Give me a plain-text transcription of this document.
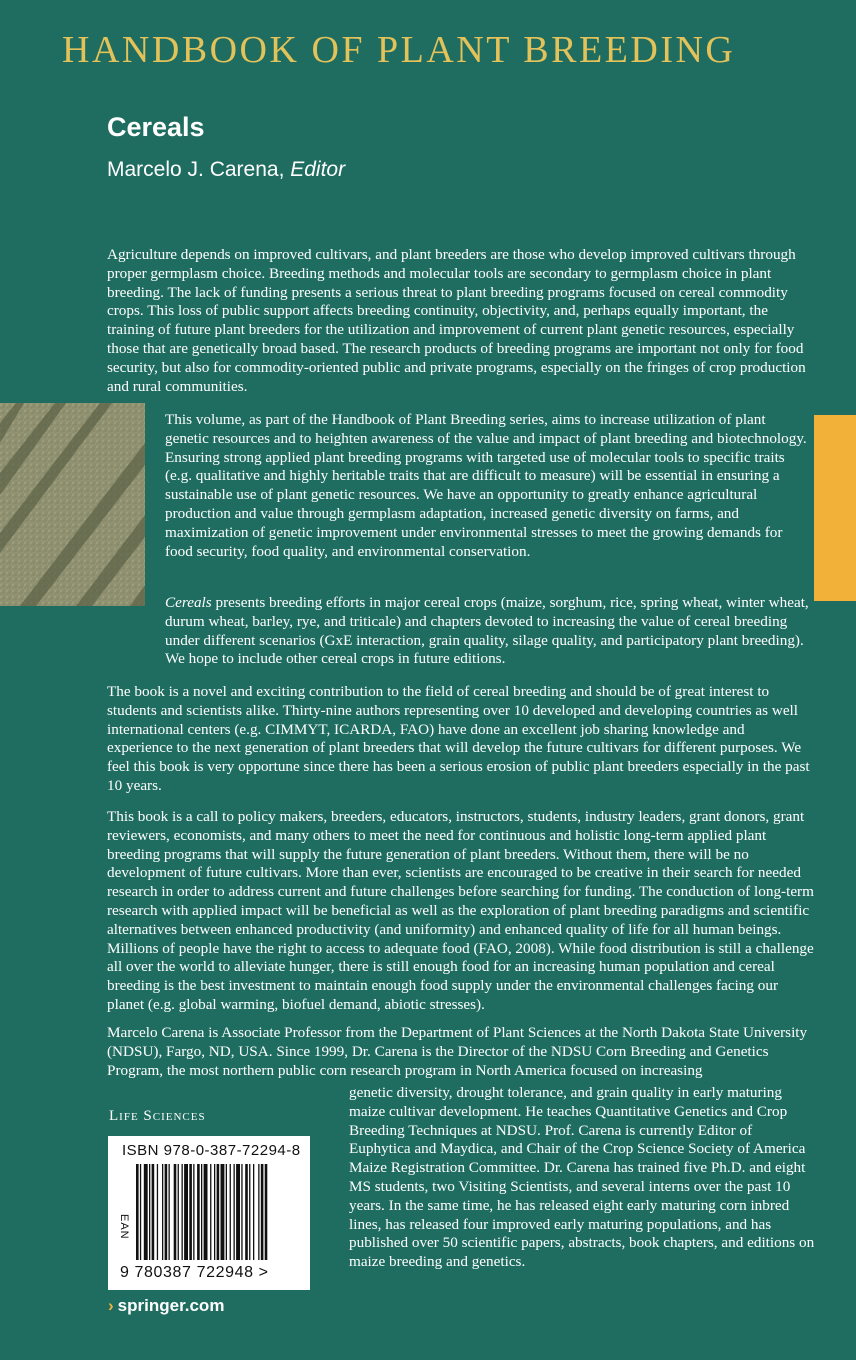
HANDBOOK OF PLANT BREEDING
Cereals
Marcelo J. Carena, Editor

Agriculture depends on improved cultivars, and plant breeders are those who develop improved cultivars through proper germplasm choice. Breeding methods and molecular tools are secondary to germplasm choice in plant breeding. The lack of funding presents a serious threat to plant breeding programs focused on cereal commodity crops. This loss of public support affects breeding continuity, objectivity, and, perhaps equally important, the training of future plant breeders for the utilization and improvement of current plant genetic resources, especially those that are genetically broad based. The research products of breeding programs are important not only for food security, but also for commodity-oriented public and private programs, especially on the fringes of crop production and rural communities.

This volume, as part of the Handbook of Plant Breeding series, aims to increase utilization of plant genetic resources and to heighten awareness of the value and impact of plant breeding and biotechnology. Ensuring strong applied plant breeding programs with targeted use of molecular tools to specific traits (e.g. qualitative and highly heritable traits that are difficult to measure) will be essential in ensuring a sustainable use of plant genetic resources. We have an opportunity to greatly enhance agricultural production and value through germplasm adaptation, increased genetic diversity on farms, and maximization of genetic improvement under environmental stresses to meet the growing demands for food security, food quality, and environmental conservation.

Cereals presents breeding efforts in major cereal crops (maize, sorghum, rice, spring wheat, winter wheat, durum wheat, barley, rye, and triticale) and chapters devoted to increasing the value of cereal breeding under different scenarios (GxE interaction, grain quality, silage quality, and participatory plant breeding). We hope to include other cereal crops in future editions.

The book is a novel and exciting contribution to the field of cereal breeding and should be of great interest to students and scientists alike. Thirty-nine authors representing over 10 developed and developing countries as well international centers (e.g. CIMMYT, ICARDA, FAO) have done an excellent job sharing knowledge and experience to the next generation of plant breeders that will develop the future cultivars for different purposes. We feel this book is very opportune since there has been a serious erosion of public plant breeders especially in the past 10 years.

This book is a call to policy makers, breeders, educators, instructors, students, industry leaders, grant donors, grant reviewers, economists, and many others to meet the need for continuous and holistic long-term applied plant breeding programs that will supply the future generation of plant breeders. Without them, there will be no development of future cultivars. More than ever, scientists are encouraged to be creative in their search for needed research in order to address current and future challenges before searching for funding. The conduction of long-term research with applied impact will be beneficial as well as the exploration of plant breeding paradigms and scientific alternatives between enhanced productivity (and uniformity) and enhanced quality of life for all human beings. Millions of people have the right to access to adequate food (FAO, 2008). While food distribution is still a challenge all over the world to alleviate hunger, there is still enough food for an increasing human population and cereal breeding is the best investment to maintain enough food supply under the environmental challenges facing our planet (e.g. global warming, biofuel demand, abiotic stresses).

Marcelo Carena is Associate Professor from the Department of Plant Sciences at the North Dakota State University (NDSU), Fargo, ND, USA. Since 1999, Dr. Carena is the Director of the NDSU Corn Breeding and Genetics Program, the most northern public corn research program in North America focused on increasing

genetic diversity, drought tolerance, and grain quality in early maturing maize cultivar development. He teaches Quantitative Genetics and Crop Breeding Techniques at NDSU. Prof. Carena is currently Editor of Euphytica and Maydica, and Chair of the Crop Science Society of America Maize Registration Committee. Dr. Carena has trained five Ph.D. and eight MS students, two Visiting Scientists, and several interns over the past 10 years. In the same time, he has released eight early maturing corn inbred lines, has released four improved early maturing populations, and has published over 50 scientific papers, abstracts, book chapters, and editions on maize breeding and genetics.

Life Sciences
ISBN 978-0-387-72294-8
EAN
9 780387 722948 >
› springer.com
